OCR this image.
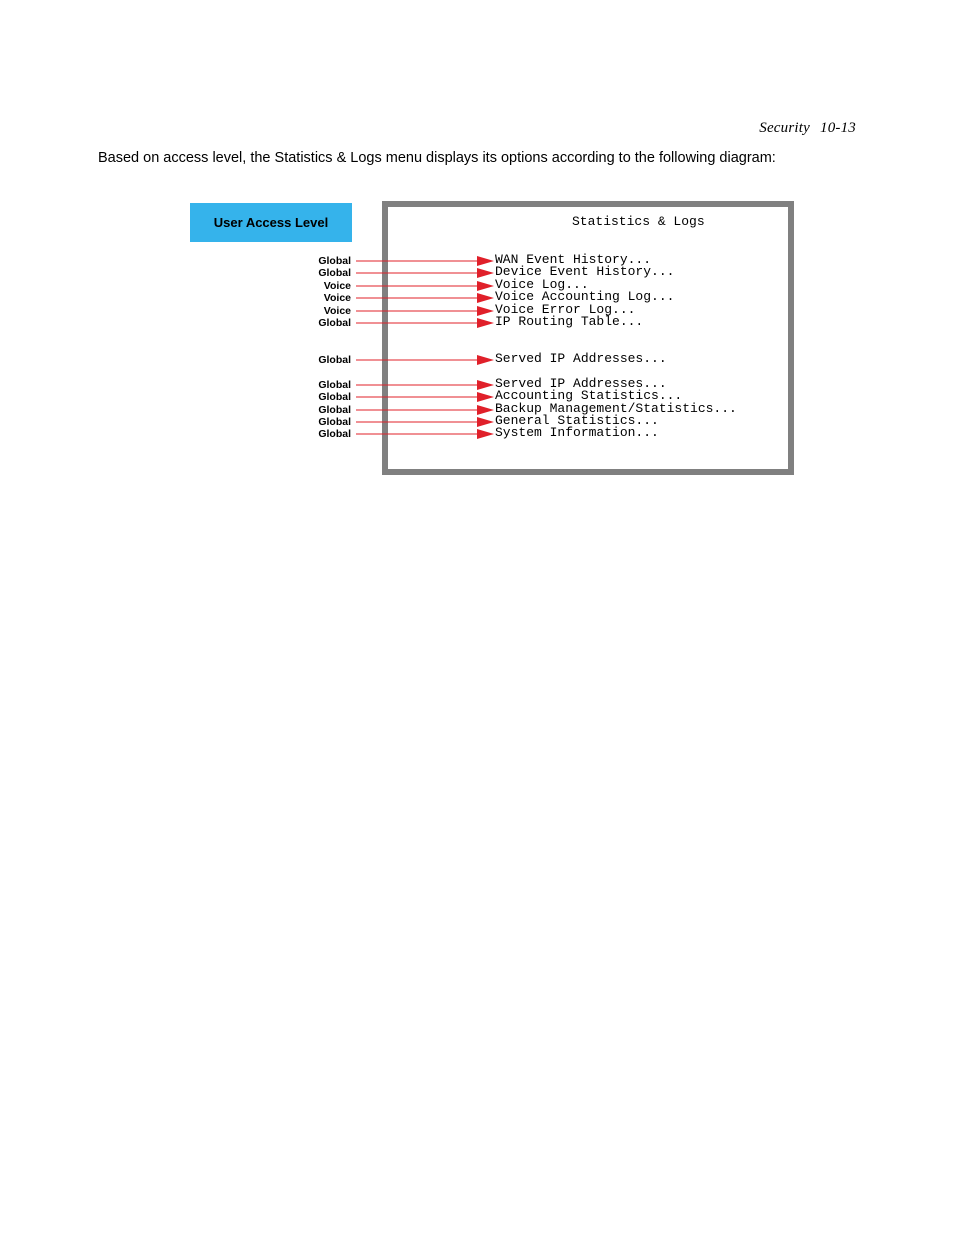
Security 10-13

Based on access level, the Statistics & Logs menu displays its options according to the following diagram:

User Access Level	Statistics & Logs
Global	WAN Event History...
Global	Device Event History...
Voice	Voice Log...
Voice	Voice Accounting Log...
Voice	Voice Error Log...
Global	IP Routing Table...
Global	Served IP Addresses...
Global	Served IP Addresses...
Global	Accounting Statistics...
Global	Backup Management/Statistics...
Global	General Statistics...
Global	System Information...
